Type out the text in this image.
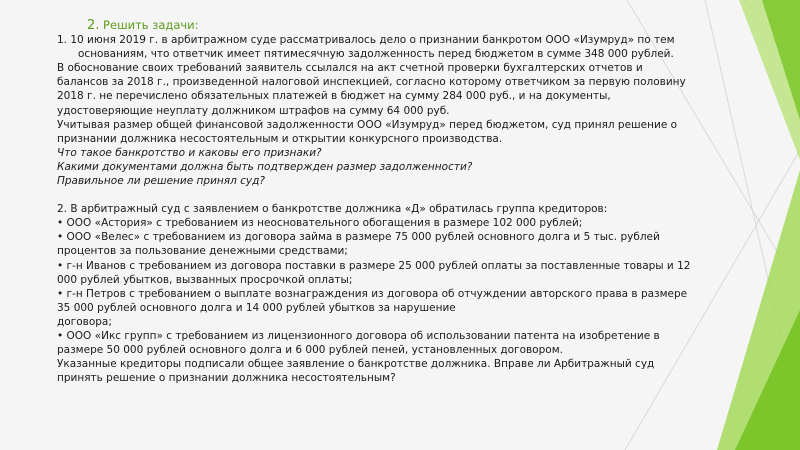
2. Решить задачи:
1. 10 июня 2019 г. в арбитражном суде рассматривалось дело о признании банкротом ООО «Изумруд» по тем основаниям, что ответчик имеет пятимесячную задолженность перед бюджетом в сумме 348 000 рублей.
В обоснование своих требований заявитель ссылался на акт счетной проверки бухгалтерских отчетов и балансов за 2018 г., произведенной налоговой инспекцией, согласно которому ответчиком за первую половину 2018 г. не перечислено обязательных платежей в бюджет на сумму 284 000 руб., и на документы, удостоверяющие неуплату должником штрафов на сумму 64 000 руб.
Учитывая размер общей финансовой задолженности ООО «Изумруд» перед бюджетом, суд принял решение о признании должника несостоятельным и открытии конкурсного производства.
Что такое банкротство и каковы его признаки?
Какими документами должна быть подтвержден размер задолженности?
Правильное ли решение принял суд?
2. В арбитражный суд с заявлением о банкротстве должника «Д» обратилась группа кредиторов:
• ООО «Астория» с требованием из неосновательного обогащения в размере 102 000 рублей;
• ООО «Велес» с требованием из договора займа в размере 75 000 рублей основного долга и 5 тыс. рублей процентов за пользование денежными средствами;
• г-н Иванов с требованием из договора поставки в размере 25 000 рублей оплаты за поставленные товары и 12 000 рублей убытков, вызванных просрочкой оплаты;
• г-н Петров с требованием о выплате вознаграждения из договора об отчуждении авторского права в размере 35 000 рублей основного долга и 14 000 рублей убытков за нарушение
договора;
• ООО «Икс групп» с требованием из лицензионного договора об использовании патента на изобретение в размере 50 000 рублей основного долга и 6 000 рублей пеней, установленных договором.
Указанные кредиторы подписали общее заявление о банкротстве должника. Вправе ли Арбитражный суд принять решение о признании должника несостоятельным?
